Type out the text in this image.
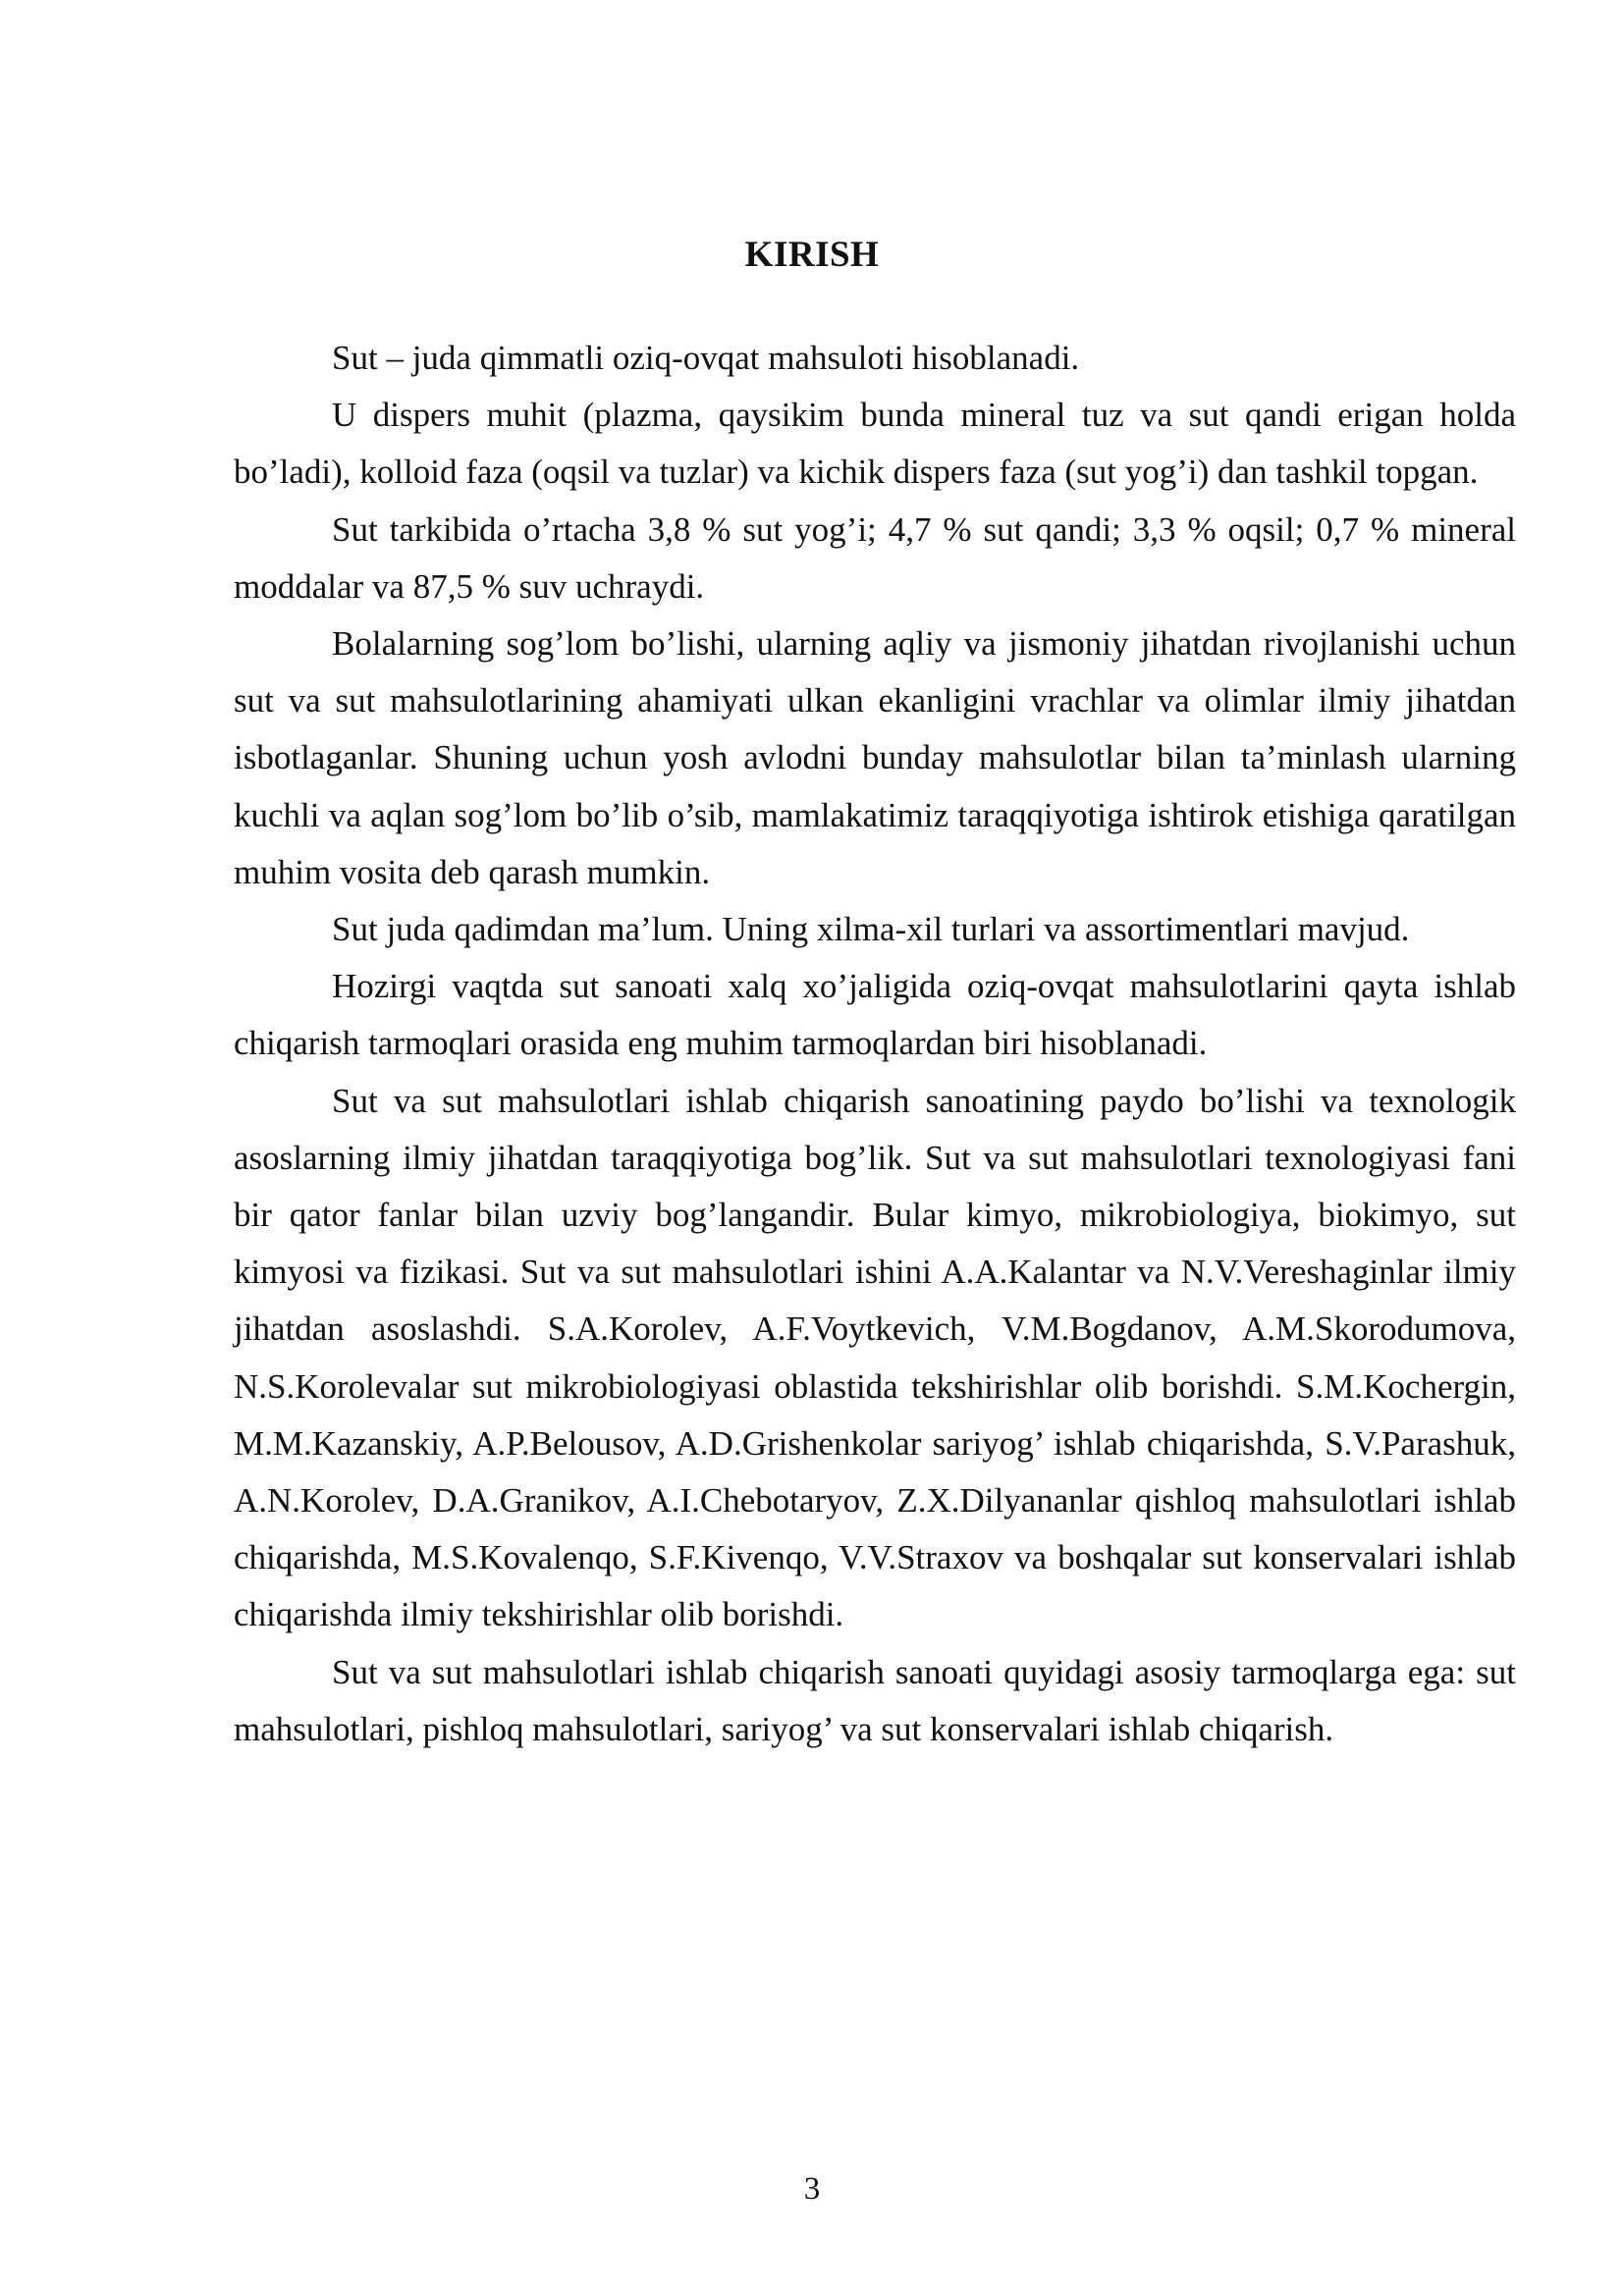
KIRISH

Sut – juda qimmatli oziq-ovqat mahsuloti hisoblanadi.

U dispers muhit (plazma, qaysikim bunda mineral tuz va sut qandi erigan holda bo’ladi), kolloid faza (oqsil va tuzlar) va kichik dispers faza (sut yog’i) dan tashkil topgan.

Sut tarkibida o’rtacha 3,8 % sut yog’i; 4,7 % sut qandi; 3,3 % oqsil; 0,7 % mineral moddalar va 87,5 % suv uchraydi.

Bolalarning sog’lom bo’lishi, ularning aqliy va jismoniy jihatdan rivojlanishi uchun sut va sut mahsulotlarining ahamiyati ulkan ekanligini vrachlar va olimlar ilmiy jihatdan isbotlaganlar. Shuning uchun yosh avlodni bunday mahsulotlar bilan ta’minlash ularning kuchli va aqlan sog’lom bo’lib o’sib, mamlakatimiz taraqqiyotiga ishtirok etishiga qaratilgan muhim vosita deb qarash mumkin.

Sut juda qadimdan ma’lum. Uning xilma-xil turlari va assortimentlari mavjud.

Hozirgi vaqtda sut sanoati xalq xo’jaligida oziq-ovqat mahsulotlarini qayta ishlab chiqarish tarmoqlari orasida eng muhim tarmoqlardan biri hisoblanadi.

Sut va sut mahsulotlari ishlab chiqarish sanoatining paydo bo’lishi va texnologik asoslarning ilmiy jihatdan taraqqiyotiga bog’lik. Sut va sut mahsulotlari texnologiyasi fani bir qator fanlar bilan uzviy bog’langandir. Bular kimyo, mikrobiologiya, biokimyo, sut kimyosi va fizikasi. Sut va sut mahsulotlari ishini A.A.Kalantar va N.V.Vereshaginlar ilmiy jihatdan asoslashdi. S.A.Korolev, A.F.Voytkevich, V.M.Bogdanov, A.M.Skorodumova, N.S.Korolevalar sut mikrobiologiyasi oblastida tekshirishlar olib borishdi. S.M.Kochergin, M.M.Kazanskiy, A.P.Belousov, A.D.Grishenkolar sariyog’ ishlab chiqarishda, S.V.Parashuk, A.N.Korolev, D.A.Granikov, A.I.Chebotaryov, Z.X.Dilyananlar qishloq mahsulotlari ishlab chiqarishda, M.S.Kovalenqo, S.F.Kivenqo, V.V.Straxov va boshqalar sut konservalari ishlab chiqarishda ilmiy tekshirishlar olib borishdi.

Sut va sut mahsulotlari ishlab chiqarish sanoati quyidagi asosiy tarmoqlarga ega: sut mahsulotlari, pishloq mahsulotlari, sariyog’ va sut konservalari ishlab chiqarish.

3
